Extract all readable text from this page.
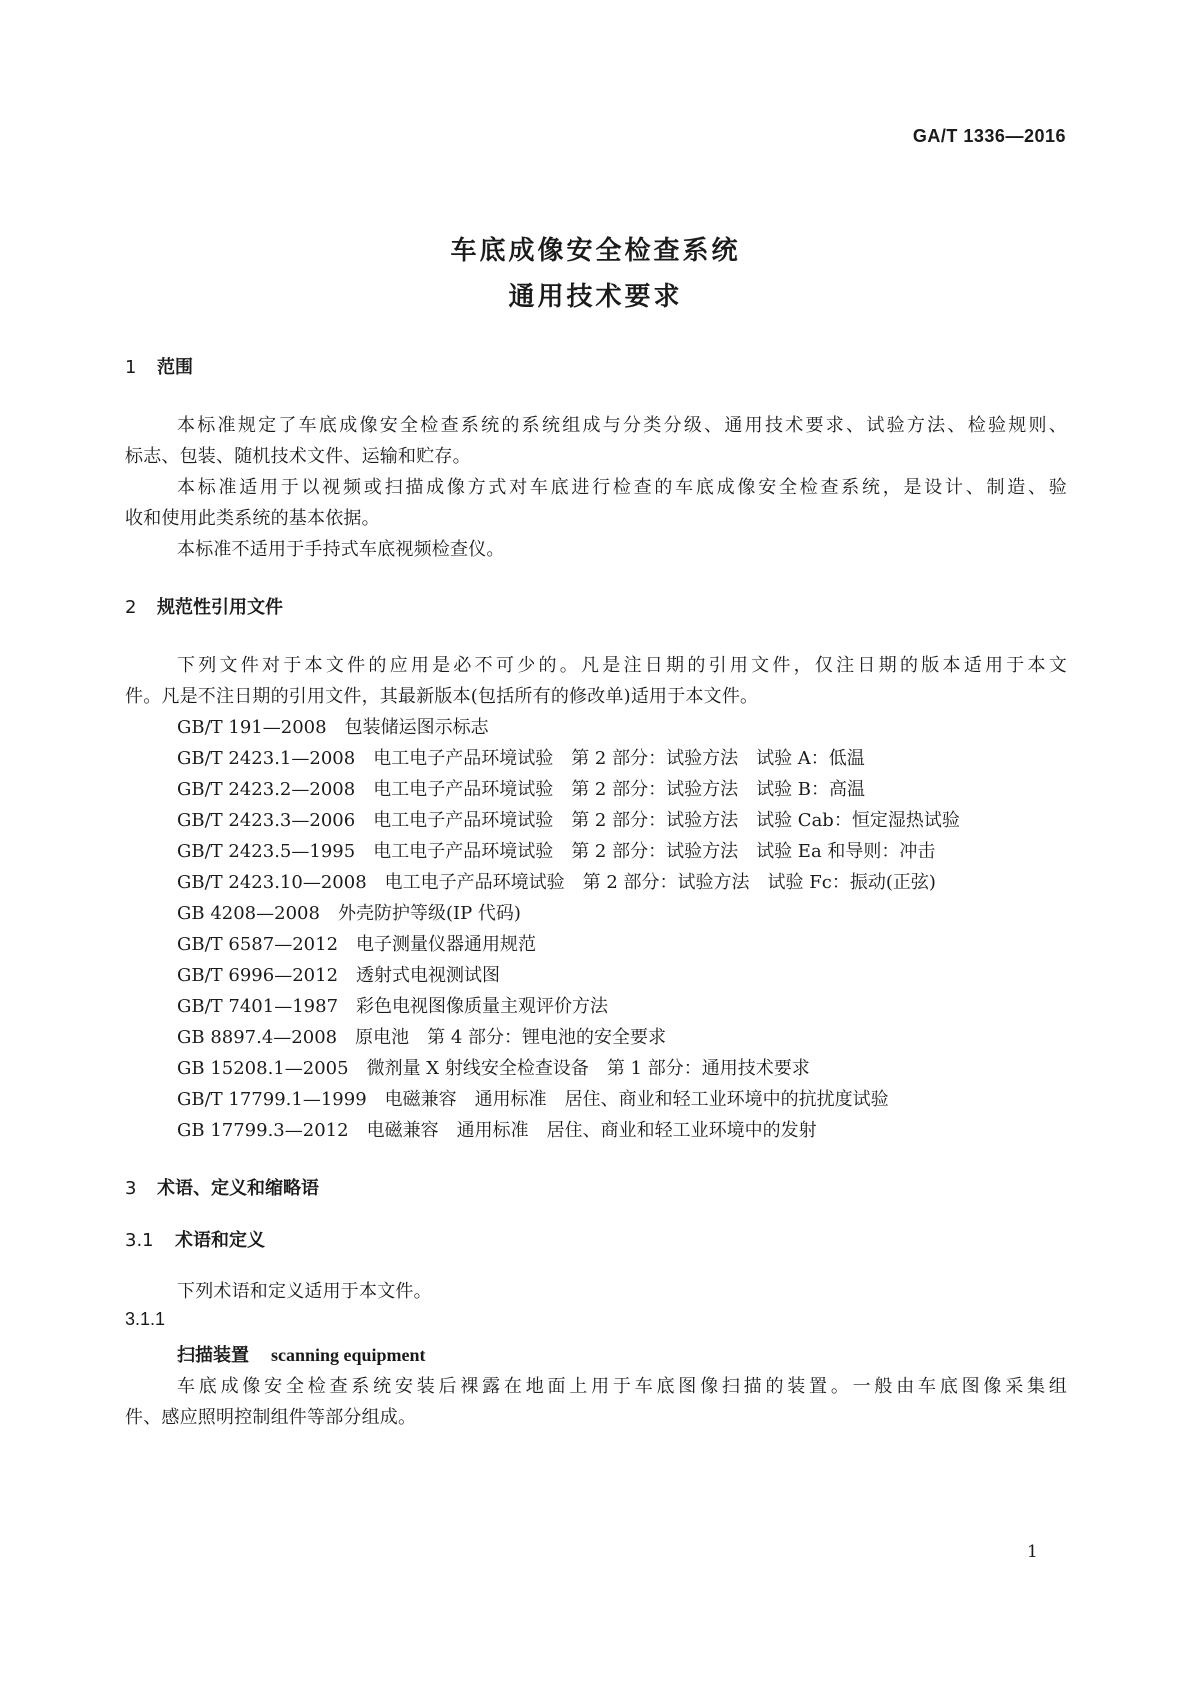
GA/T 1336—2016
车底成像安全检查系统
通用技术要求
1 范围
本标准规定了车底成像安全检查系统的系统组成与分类分级、通用技术要求、试验方法、检验规则、
标志、包装、随机技术文件、运输和贮存。
本标准适用于以视频或扫描成像方式对车底进行检查的车底成像安全检查系统，是设计、制造、验
收和使用此类系统的基本依据。
本标准不适用于手持式车底视频检查仪。
2 规范性引用文件
下列文件对于本文件的应用是必不可少的。凡是注日期的引用文件，仅注日期的版本适用于本文
件。凡是不注日期的引用文件，其最新版本(包括所有的修改单)适用于本文件。
GB/T 191—2008　包装储运图示标志
GB/T 2423.1—2008　电工电子产品环境试验　第 2 部分：试验方法　试验 A：低温
GB/T 2423.2—2008　电工电子产品环境试验　第 2 部分：试验方法　试验 B：高温
GB/T 2423.3—2006　电工电子产品环境试验　第 2 部分：试验方法　试验 Cab：恒定湿热试验
GB/T 2423.5—1995　电工电子产品环境试验　第 2 部分：试验方法　试验 Ea 和导则：冲击
GB/T 2423.10—2008　电工电子产品环境试验　第 2 部分：试验方法　试验 Fc：振动(正弦)
GB 4208—2008　外壳防护等级(IP 代码)
GB/T 6587—2012　电子测量仪器通用规范
GB/T 6996—2012　透射式电视测试图
GB/T 7401—1987　彩色电视图像质量主观评价方法
GB 8897.4—2008　原电池　第 4 部分：锂电池的安全要求
GB 15208.1—2005　微剂量 X 射线安全检查设备　第 1 部分：通用技术要求
GB/T 17799.1—1999　电磁兼容　通用标准　居住、商业和轻工业环境中的抗扰度试验
GB 17799.3—2012　电磁兼容　通用标准　居住、商业和轻工业环境中的发射
3 术语、定义和缩略语
3.1 术语和定义
下列术语和定义适用于本文件。
3.1.1
扫描装置 scanning equipment
车底成像安全检查系统安装后裸露在地面上用于车底图像扫描的装置。一般由车底图像采集组
件、感应照明控制组件等部分组成。
1
